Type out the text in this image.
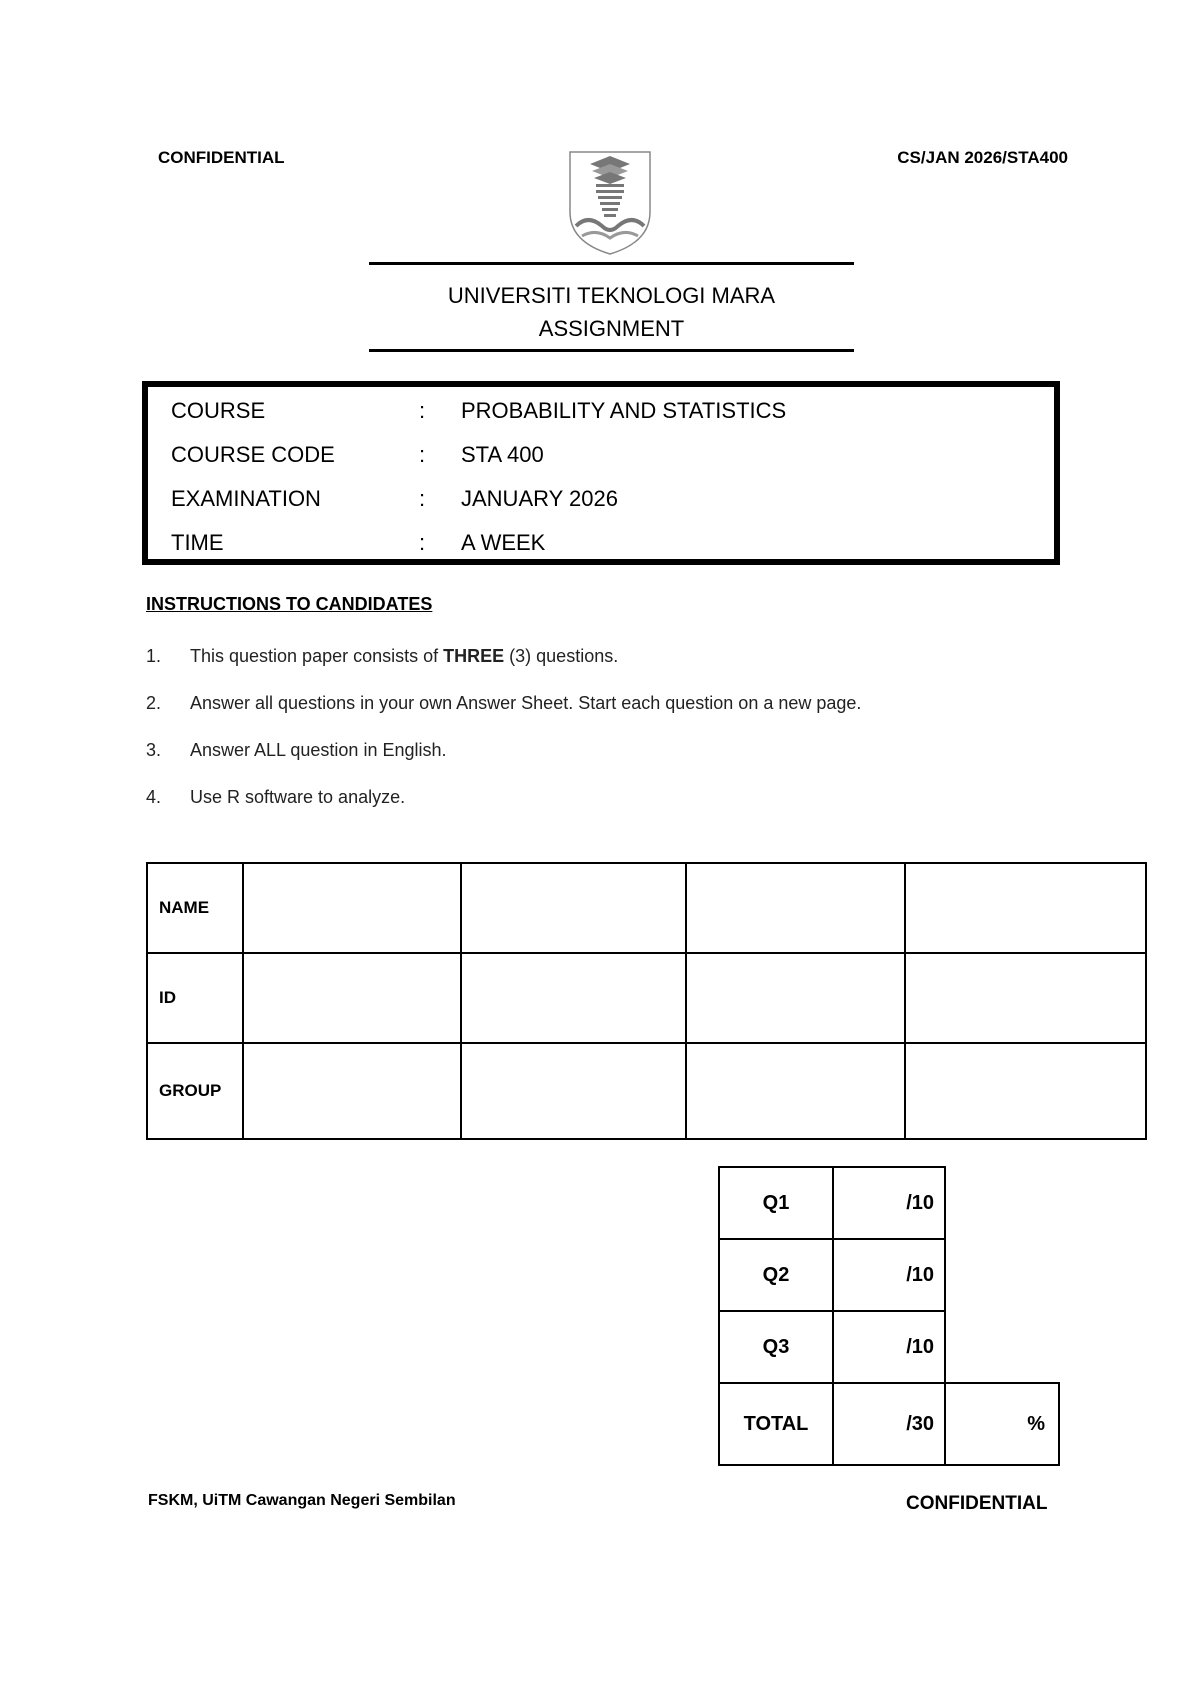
CONFIDENTIAL	CS/JAN 2026/STA400
UNIVERSITI TEKNOLOGI MARA
ASSIGNMENT
COURSE	: PROBABILITY AND STATISTICS
COURSE CODE	: STA 400
EXAMINATION	: JANUARY 2026
TIME	: A WEEK
INSTRUCTIONS TO CANDIDATES
1. This question paper consists of THREE (3) questions.
2. Answer all questions in your own Answer Sheet. Start each question on a new page.
3. Answer ALL question in English.
4. Use R software to analyze.
NAME				
ID				
GROUP				
Q1	/10	
Q2	/10	
Q3	/10	
TOTAL	/30	%
FSKM, UiTM Cawangan Negeri Sembilan	CONFIDENTIAL
